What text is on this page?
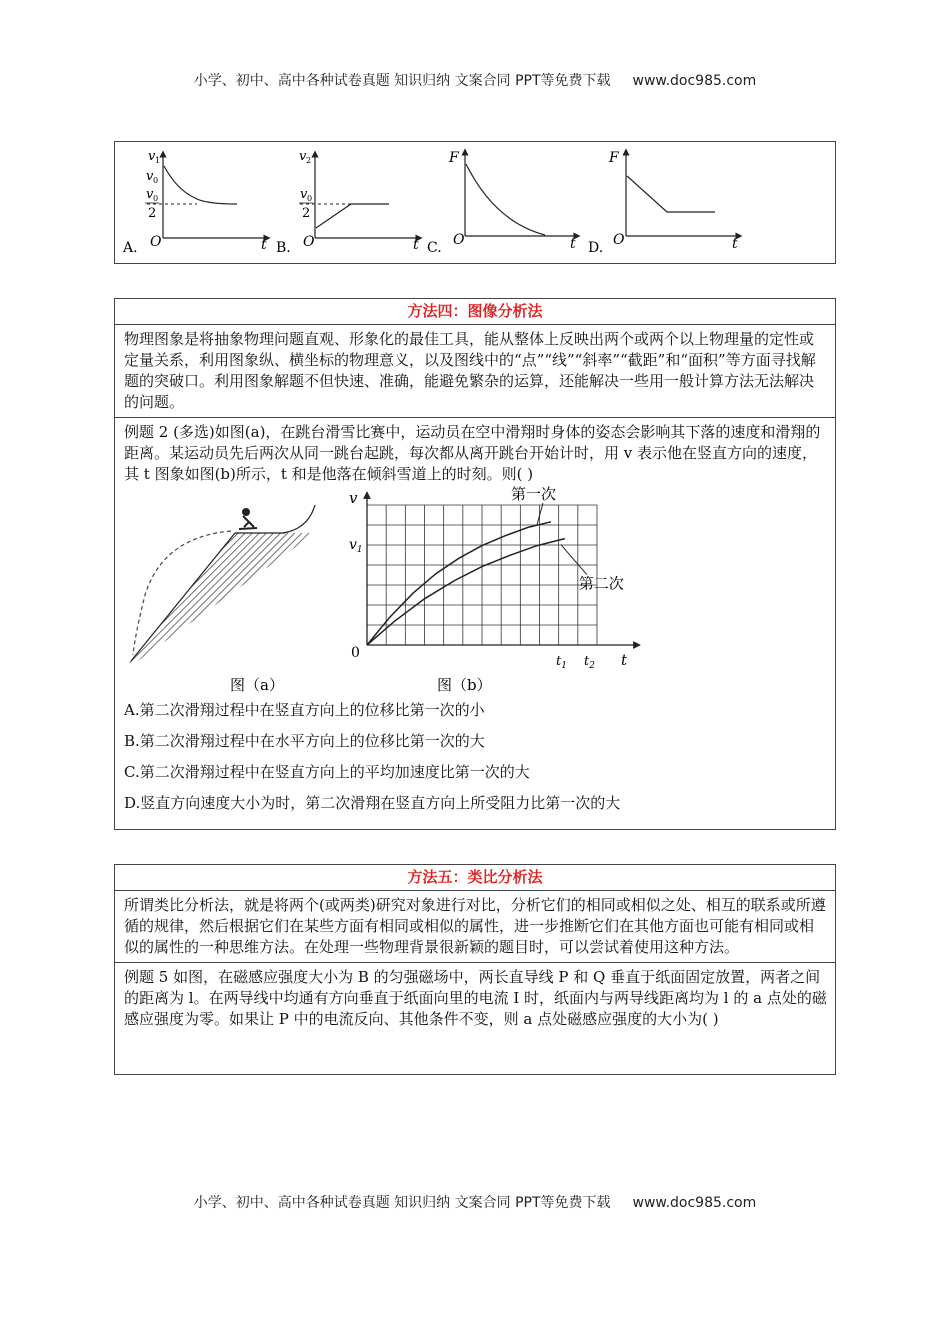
小学、初中、高中各种试卷真题 知识归纳 文案合同 PPT等免费下载 www.doc985.com
A.
v 1
v 0
v 0
2
O	t B.
v 2
v 0
2
O	t C.
F
O	t D.
F
O	t
方法四：图像分析法
物理图象是将抽象物理问题直观、形象化的最佳工具，能从整体上反映出两个或两个以上物理量的定性或定量关系，利用图象纵、横坐标的物理意义，以及图线中的“点”“线”“斜率”“截距”和“面积”等方面寻找解题的突破口。利用图象解题不但快速、准确，能避免繁杂的运算，还能解决一些用一般计算方法无法解决的问题。
例题 2 (多选)如图(a)，在跳台滑雪比赛中，运动员在空中滑翔时身体的姿态会影响其下落的速度和滑翔的距离。某运动员先后两次从同一跳台起跳，每次都从离开跳台开始计时，用 v 表示他在竖直方向的速度，其 t 图象如图(b)所示，t 和是他落在倾斜雪道上的时刻。则( )
图（a）
v
$v_1$
0
$t_1$ $t_2$ t
第一次
第二次
图（b）
A.第二次滑翔过程中在竖直方向上的位移比第一次的小
B.第二次滑翔过程中在水平方向上的位移比第一次的大
C.第二次滑翔过程中在竖直方向上的平均加速度比第一次的大
D.竖直方向速度大小为时，第二次滑翔在竖直方向上所受阻力比第一次的大
方法五：类比分析法
所谓类比分析法，就是将两个(或两类)研究对象进行对比，分析它们的相同或相似之处、相互的联系或所遵循的规律，然后根据它们在某些方面有相同或相似的属性，进一步推断它们在其他方面也可能有相同或相似的属性的一种思维方法。在处理一些物理背景很新颖的题目时，可以尝试着使用这种方法。
例题 5 如图，在磁感应强度大小为 B 的匀强磁场中，两长直导线 P 和 Q 垂直于纸面固定放置，两者之间的距离为 l。在两导线中均通有方向垂直于纸面向里的电流 I 时，纸面内与两导线距离均为 l 的 a 点处的磁感应强度为零。如果让 P 中的电流反向、其他条件不变，则 a 点处磁感应强度的大小为( )
小学、初中、高中各种试卷真题 知识归纳 文案合同 PPT等免费下载 www.doc985.com
